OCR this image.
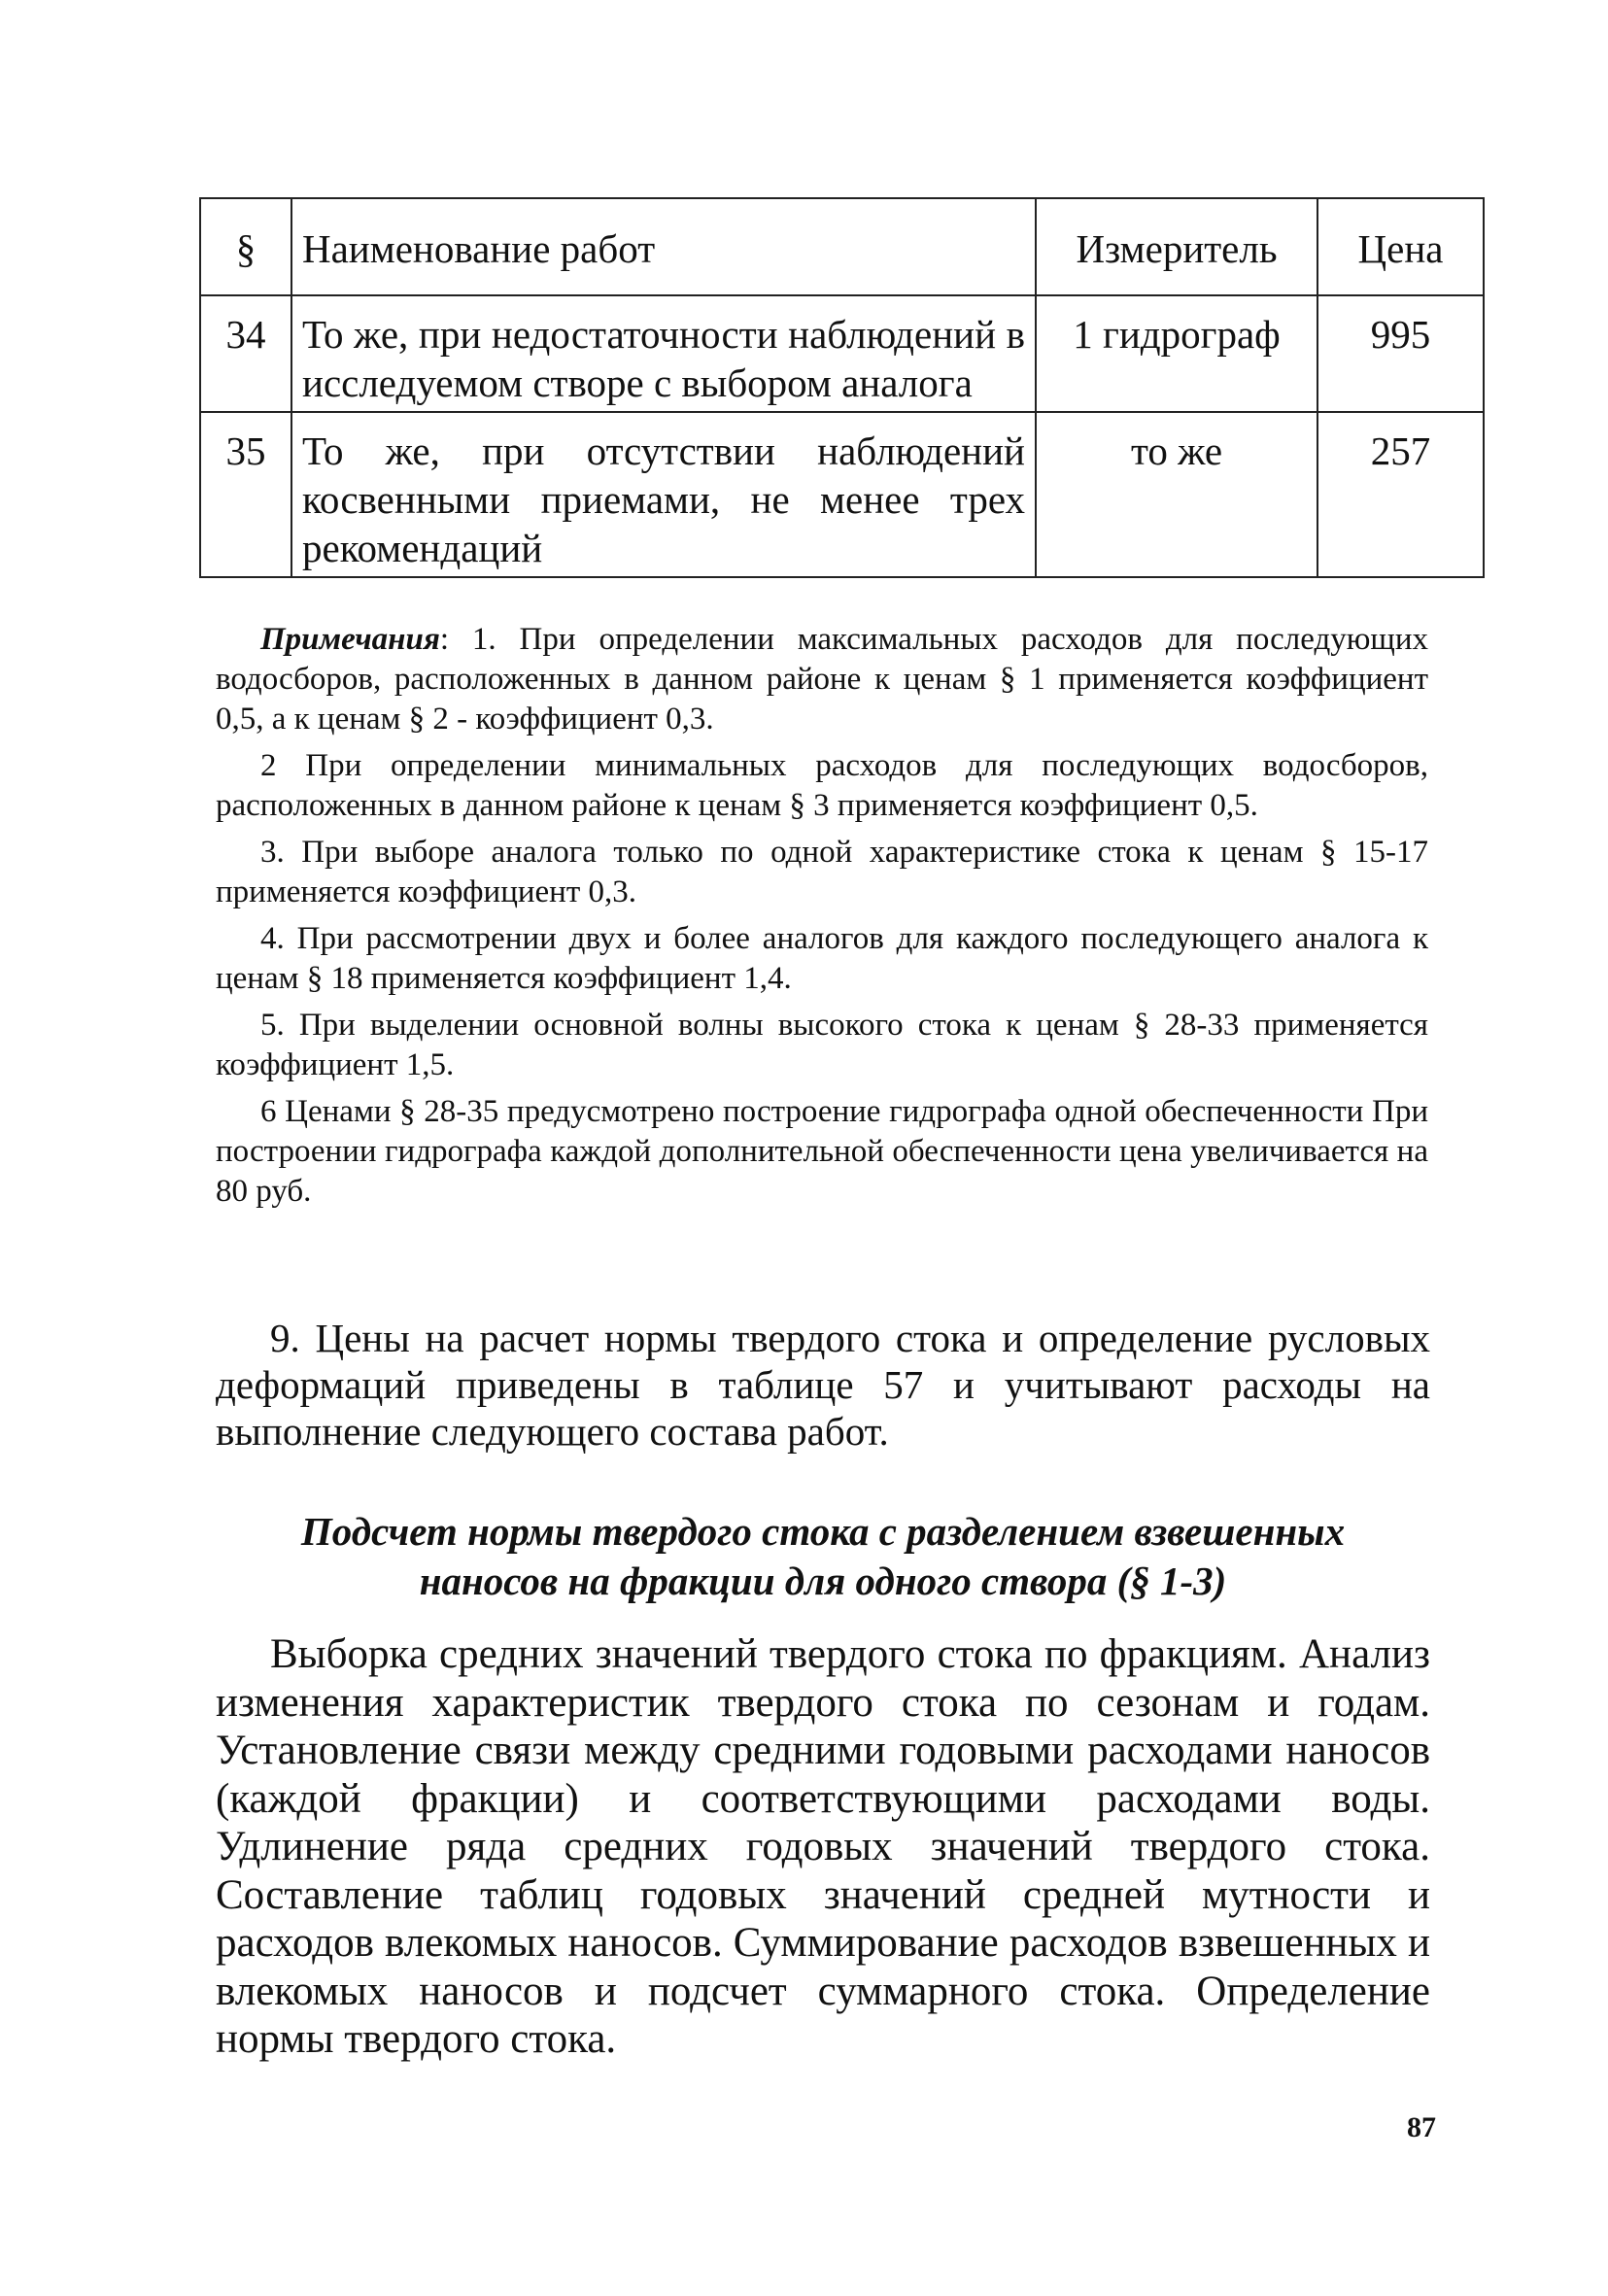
§	Наименование работ	Измеритель	Цена
34	То же, при недостаточности наблюдений в исследуемом створе с выбором аналога	1 гидрограф	995
35	То же, при отсутствии наблюдений косвенными приемами, не менее трех рекомендаций	то же	257

Примечания: 1. При определении максимальных расходов для последующих водосборов, расположенных в данном районе к ценам § 1 применяется коэффициент 0,5, а к ценам § 2 - коэффициент 0,3.

2 При определении минимальных расходов для последующих водосборов, расположенных в данном районе к ценам § 3 применяется коэффициент 0,5.

3. При выборе аналога только по одной характеристике стока к ценам § 15-17 применяется коэффициент 0,3.

4. При рассмотрении двух и более аналогов для каждого последующего аналога к ценам § 18 применяется коэффициент 1,4.

5. При выделении основной волны высокого стока к ценам § 28-33 применяется коэффициент 1,5.

6 Ценами § 28-35 предусмотрено построение гидрографа одной обеспеченности При построении гидрографа каждой дополнительной обеспеченности цена увеличивается на 80 руб.

9. Цены на расчет нормы твердого стока и определение русловых деформаций приведены в таблице 57 и учитывают расходы на выполнение следующего состава работ.

Подсчет нормы твердого стока с разделением взвешенных
наносов на фракции для одного створа (§ 1-3)

Выборка средних значений твердого стока по фракциям. Анализ изменения характеристик твердого стока по сезонам и годам. Установление связи между средними годовыми расходами наносов (каждой фракции) и соответствующими расходами воды. Удлинение ряда средних годовых значений твердого стока. Составление таблиц годовых значений средней мутности и расходов влекомых наносов. Суммирование расходов взвешенных и влекомых наносов и подсчет суммарного стока. Определение нормы твердого стока.

87
